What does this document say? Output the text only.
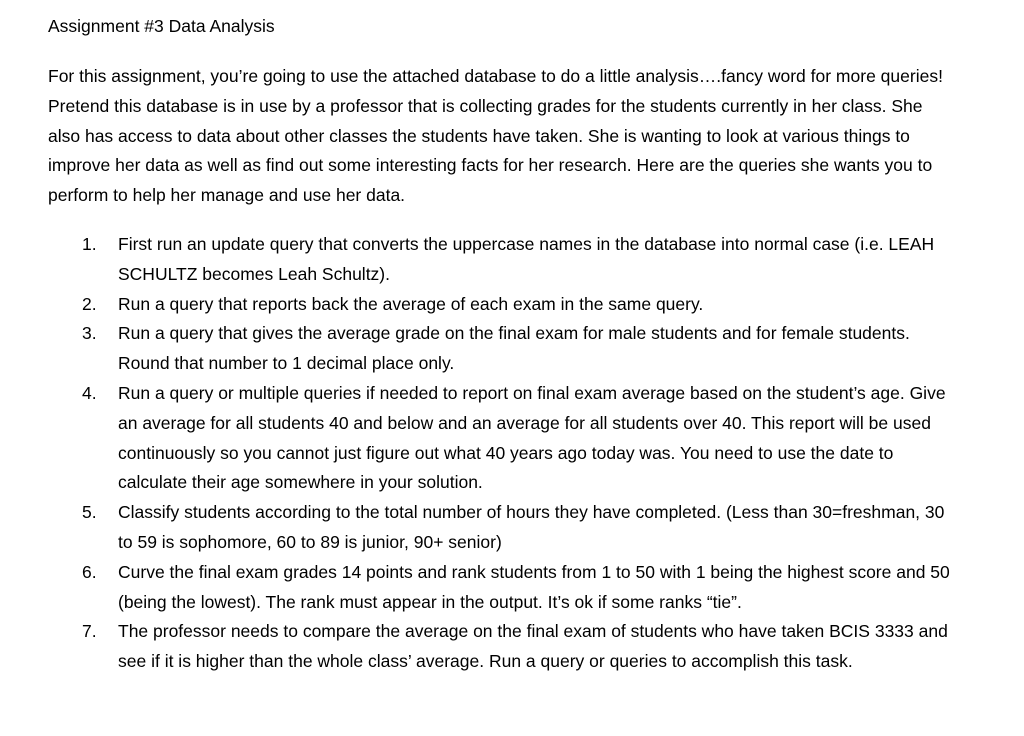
Assignment #3 Data Analysis

For this assignment, you’re going to use the attached database to do a little analysis….fancy word for more queries! Pretend this database is in use by a professor that is collecting grades for the students currently in her class. She also has access to data about other classes the students have taken. She is wanting to look at various things to improve her data as well as find out some interesting facts for her research. Here are the queries she wants you to perform to help her manage and use her data.

1.	First run an update query that converts the uppercase names in the database into normal case (i.e. LEAH SCHULTZ becomes Leah Schultz).
2.	Run a query that reports back the average of each exam in the same query.
3.	Run a query that gives the average grade on the final exam for male students and for female students. Round that number to 1 decimal place only.
4.	Run a query or multiple queries if needed to report on final exam average based on the student’s age. Give an average for all students 40 and below and an average for all students over 40. This report will be used continuously so you cannot just figure out what 40 years ago today was. You need to use the date to calculate their age somewhere in your solution.
5.	Classify students according to the total number of hours they have completed. (Less than 30=freshman, 30 to 59 is sophomore, 60 to 89 is junior, 90+ senior)
6.	Curve the final exam grades 14 points and rank students from 1 to 50 with 1 being the highest score and 50 (being the lowest). The rank must appear in the output. It’s ok if some ranks “tie”.
7.	The professor needs to compare the average on the final exam of students who have taken BCIS 3333 and see if it is higher than the whole class’ average. Run a query or queries to accomplish this task.
